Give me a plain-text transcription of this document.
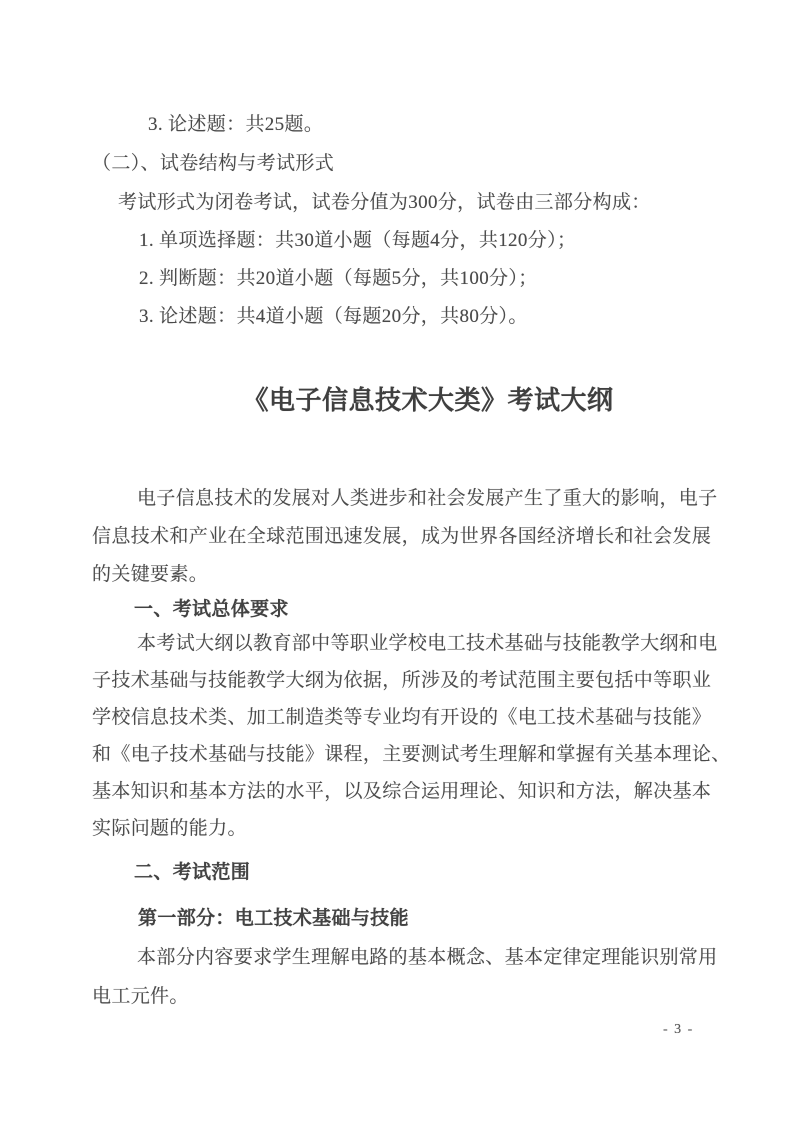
3. 论述题：共25题。
（二）、试卷结构与考试形式
考试形式为闭卷考试，试卷分值为300分，试卷由三部分构成：
1. 单项选择题：共30道小题（每题4分，共120分）；
2. 判断题：共20道小题（每题5分，共100分）；
3. 论述题：共4道小题（每题20分，共80分）。
《电子信息技术大类》考试大纲
电子信息技术的发展对人类进步和社会发展产生了重大的影响，电子
信息技术和产业在全球范围迅速发展，成为世界各国经济增长和社会发展
的关键要素。
一、考试总体要求
本考试大纲以教育部中等职业学校电工技术基础与技能教学大纲和电
子技术基础与技能教学大纲为依据，所涉及的考试范围主要包括中等职业
学校信息技术类、加工制造类等专业均有开设的《电工技术基础与技能》
和《电子技术基础与技能》课程，主要测试考生理解和掌握有关基本理论、
基本知识和基本方法的水平，以及综合运用理论、知识和方法，解决基本
实际问题的能力。
二、考试范围
第一部分：电工技术基础与技能
本部分内容要求学生理解电路的基本概念、基本定律定理能识别常用
电工元件。
- 3 -
